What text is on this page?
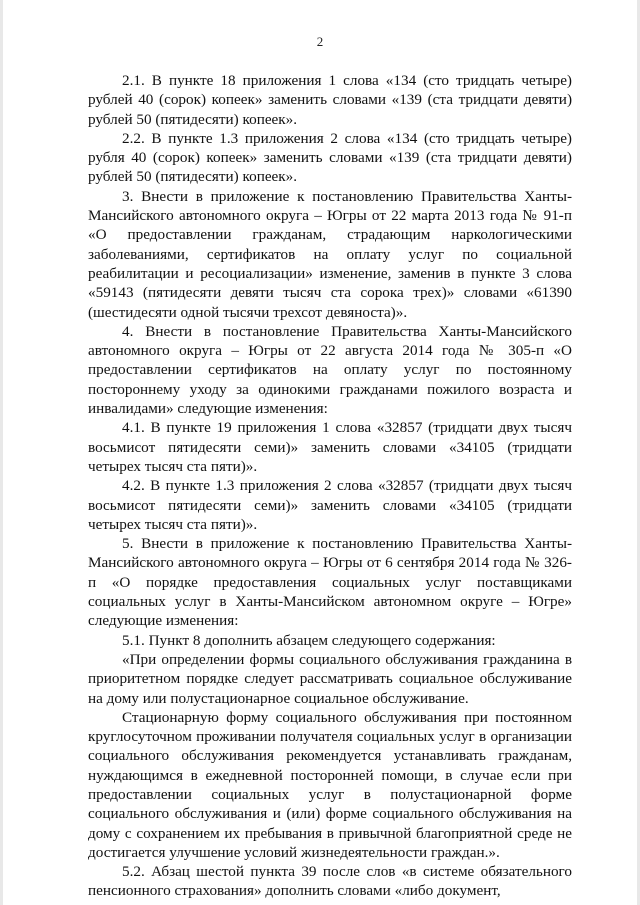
2

2.1. В пункте 18 приложения 1 слова «134 (сто тридцать четыре) рублей 40 (сорок) копеек» заменить словами «139 (ста тридцати девяти) рублей 50 (пятидесяти) копеек».

2.2. В пункте 1.3 приложения 2 слова «134 (сто тридцать четыре) рубля 40 (сорок) копеек» заменить словами «139 (ста тридцати девяти) рублей 50 (пятидесяти) копеек».

3. Внести в приложение к постановлению Правительства Ханты-Мансийского автономного округа – Югры от 22 марта 2013 года № 91-п «О предоставлении гражданам, страдающим наркологическими заболеваниями, сертификатов на оплату услуг по социальной реабилитации и ресоциализации» изменение, заменив в пункте 3 слова «59143 (пятидесяти девяти тысяч ста сорока трех)» словами «61390 (шестидесяти одной тысячи трехсот девяноста)».

4. Внести в постановление Правительства Ханты-Мансийского автономного округа – Югры от 22 августа 2014 года № 305-п «О предоставлении сертификатов на оплату услуг по постоянному постороннему уходу за одинокими гражданами пожилого возраста и инвалидами» следующие изменения:

4.1. В пункте 19 приложения 1 слова «32857 (тридцати двух тысяч восьмисот пятидесяти семи)» заменить словами «34105 (тридцати четырех тысяч ста пяти)».

4.2. В пункте 1.3 приложения 2 слова «32857 (тридцати двух тысяч восьмисот пятидесяти семи)» заменить словами «34105 (тридцати четырех тысяч ста пяти)».

5. Внести в приложение к постановлению Правительства Ханты-Мансийского автономного округа – Югры от 6 сентября 2014 года № 326-п «О порядке предоставления социальных услуг поставщиками социальных услуг в Ханты-Мансийском автономном округе – Югре» следующие изменения:

5.1. Пункт 8 дополнить абзацем следующего содержания:

«При определении формы социального обслуживания гражданина в приоритетном порядке следует рассматривать социальное обслуживание на дому или полустационарное социальное обслуживание.

Стационарную форму социального обслуживания при постоянном круглосуточном проживании получателя социальных услуг в организации социального обслуживания рекомендуется устанавливать гражданам, нуждающимся в ежедневной посторонней помощи, в случае если при предоставлении социальных услуг в полустационарной форме социального обслуживания и (или) форме социального обслуживания на дому с сохранением их пребывания в привычной благоприятной среде не достигается улучшение условий жизнедеятельности граждан.».

5.2. Абзац шестой пункта 39 после слов «в системе обязательного пенсионного страхования» дополнить словами «либо документ,
